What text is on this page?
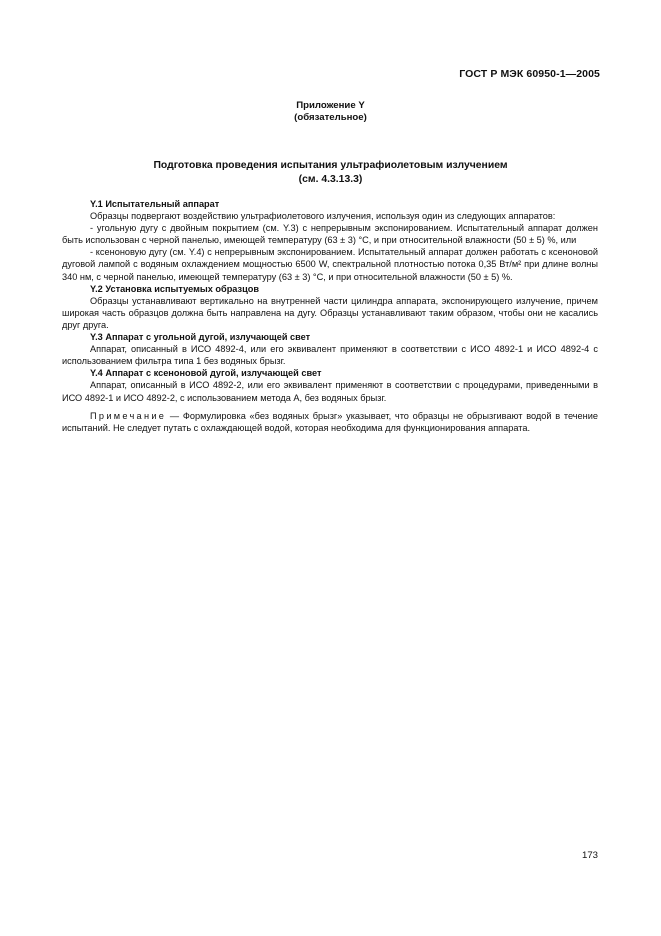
ГОСТ Р МЭК 60950-1—2005
Приложение Y
(обязательное)
Подготовка проведения испытания ультрафиолетовым излучением
(см. 4.3.13.3)

Y.1 Испытательный аппарат

Образцы подвергают воздействию ультрафиолетового излучения, используя один из следующих аппаратов:

- угольную дугу с двойным покрытием (см. Y.3) с непрерывным экспонированием. Испытательный аппарат должен быть использован с черной панелью, имеющей температуру (63 ± 3) °C, и при относительной влажности (50 ± 5) %, или

- ксеноновую дугу (см. Y.4) с непрерывным экспонированием. Испытательный аппарат должен работать с ксеноновой дуговой лампой с водяным охлаждением мощностью 6500 W, спектральной плотностью потока 0,35 Вт/м² при длине волны 340 нм, с черной панелью, имеющей температуру (63 ± 3) °C, и при относительной влажности (50 ± 5) %.

Y.2 Установка испытуемых образцов

Образцы устанавливают вертикально на внутренней части цилиндра аппарата, экспонирующего излучение, причем широкая часть образцов должна быть направлена на дугу. Образцы устанавливают таким образом, чтобы они не касались друг друга.

Y.3 Аппарат с угольной дугой, излучающей свет

Аппарат, описанный в ИСО 4892-4, или его эквивалент применяют в соответствии с ИСО 4892-1 и ИСО 4892-4 с использованием фильтра типа 1 без водяных брызг.

Y.4 Аппарат с ксеноновой дугой, излучающей свет

Аппарат, описанный в ИСО 4892-2, или его эквивалент применяют в соответствии с процедурами, приведенными в ИСО 4892-1 и ИСО 4892-2, с использованием метода А, без водяных брызг.

Примечание — Формулировка «без водяных брызг» указывает, что образцы не обрызгивают водой в течение испытаний. Не следует путать с охлаждающей водой, которая необходима для функционирования аппарата.

173
